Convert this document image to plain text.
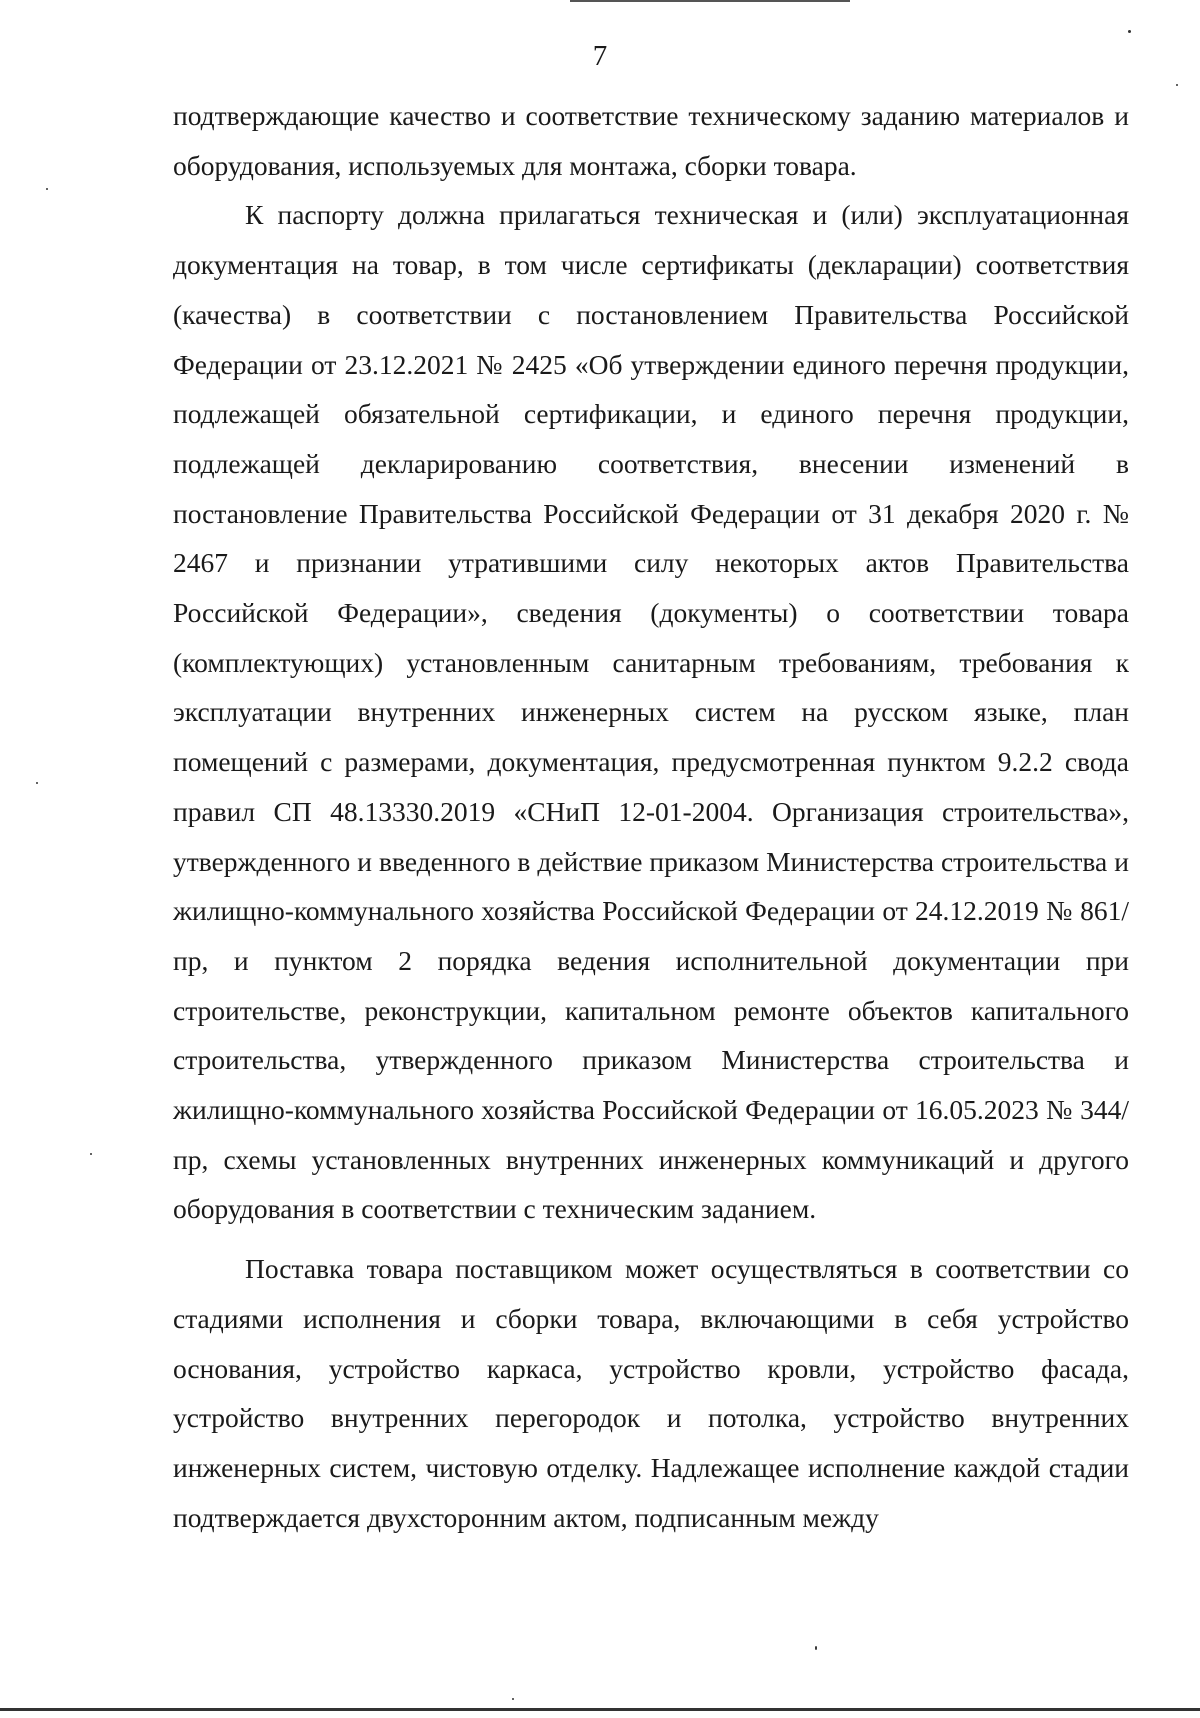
7

подтверждающие качество и соответствие техническому заданию материалов и оборудования, используемых для монтажа, сборки товара.

К паспорту должна прилагаться техническая и (или) эксплуатационная документация на товар, в том числе сертификаты (декларации) соответствия (качества) в соответствии с постановлением Правительства Российской Федерации от 23.12.2021 № 2425 «Об утверждении единого перечня продукции, подлежащей обязательной сертификации, и единого перечня продукции, подлежащей декларированию соответствия, внесении изменений в постановление Правительства Российской Федерации от 31 декабря 2020 г. № 2467 и признании утратившими силу некоторых актов Правительства Российской Федерации», сведения (документы) о соответствии товара (комплектующих) установленным санитарным требованиям, требования к эксплуатации внутренних инженерных систем на русском языке, план помещений с размерами, документация, предусмотренная пунктом 9.2.2 свода правил СП 48.13330.2019 «СНиП 12-01-2004. Организация строительства», утвержденного и введенного в действие приказом Министерства строительства и жилищно-коммунального хозяйства Российской Федерации от 24.12.2019 № 861/пр, и пунктом 2 порядка ведения исполнительной документации при строительстве, реконструкции, капитальном ремонте объектов капитального строительства, утвержденного приказом Министерства строительства и жилищно-коммунального хозяйства Российской Федерации от 16.05.2023 № 344/пр, схемы установленных внутренних инженерных коммуникаций и другого оборудования в соответствии с техническим заданием.

Поставка товара поставщиком может осуществляться в соответствии со стадиями исполнения и сборки товара, включающими в себя устройство основания, устройство каркаса, устройство кровли, устройство фасада, устройство внутренних перегородок и потолка, устройство внутренних инженерных систем, чистовую отделку. Надлежащее исполнение каждой стадии подтверждается двухсторонним актом, подписанным между
